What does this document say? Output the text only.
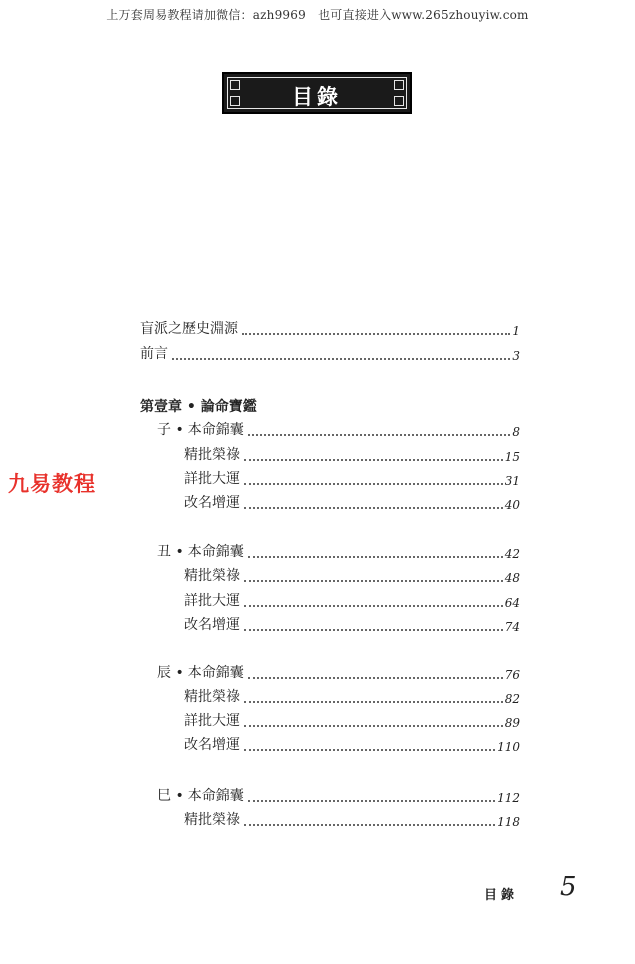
上万套周易教程请加微信：azh9969　也可直接进入www.265zhouyiw.com
目錄
九易教程
盲派之歷史淵源	1
前言	3
第壹章 • 論命寶鑑
子 • 本命錦囊	8
精批榮祿	15
詳批大運	31
改名增運	40
丑 • 本命錦囊	42
精批榮祿	48
詳批大運	64
改名增運	74
辰 • 本命錦囊	76
精批榮祿	82
詳批大運	89
改名增運	110
巳 • 本命錦囊	112
精批榮祿	118
目錄 5
